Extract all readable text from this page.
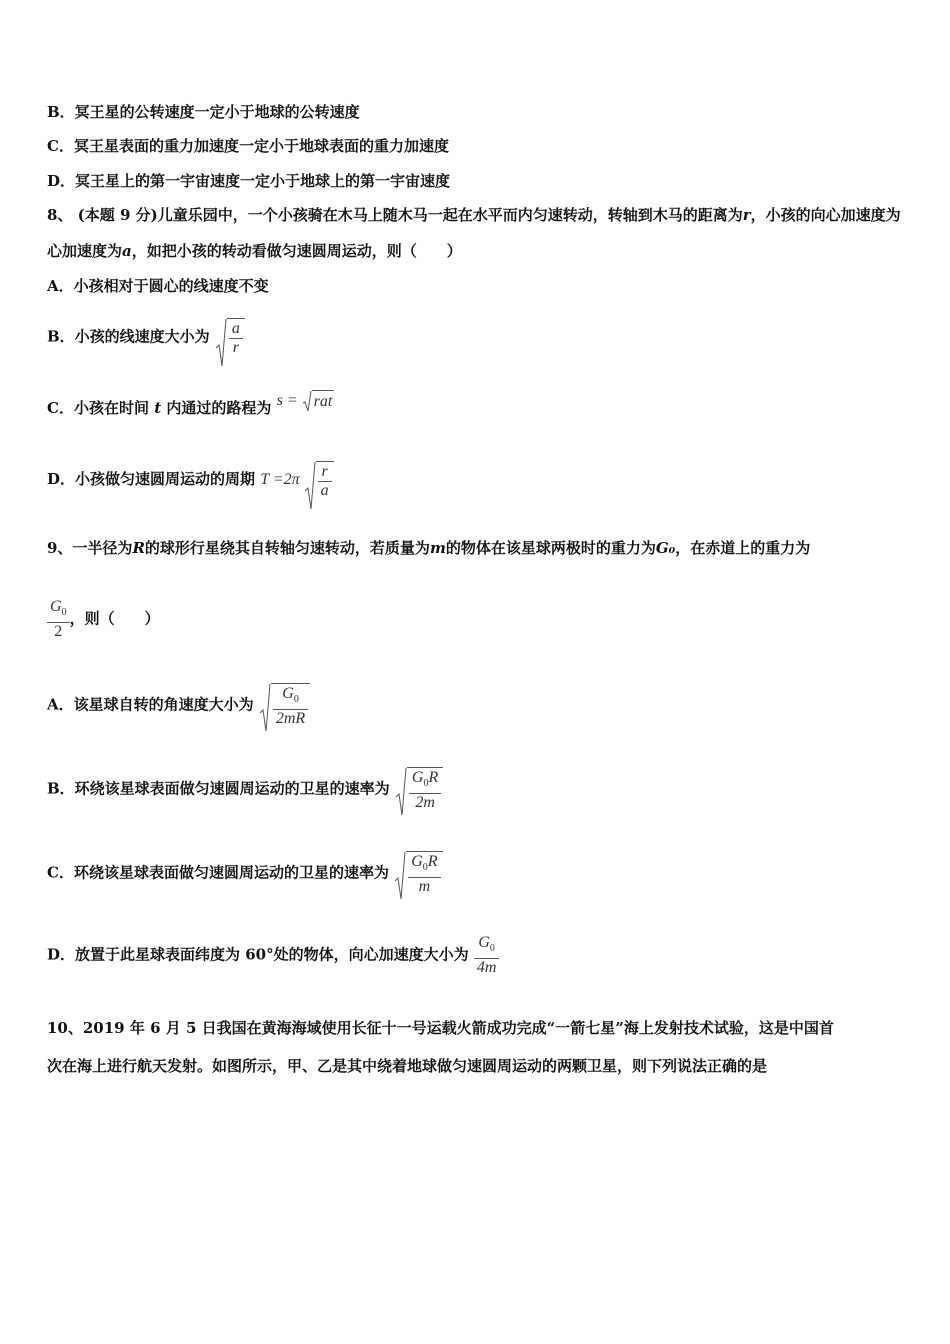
B．冥王星的公转速度一定小于地球的公转速度
C．冥王星表面的重力加速度一定小于地球表面的重力加速度
D．冥王星上的第一宇宙速度一定小于地球上的第一宇宙速度
8、 (本题 9 分)儿童乐园中，一个小孩骑在木马上随木马一起在水平而内匀速转动，转轴到木马的距离为r，小孩的向心加速度为
心加速度为a，如把小孩的转动看做匀速圆周运动，则（　　）
A．小孩相对于圆心的线速度不变
B．小孩的线速度大小为 $\frac{a}{r}$
C．小孩在时间 t 内通过的路程为 s = rat
D．小孩做匀速圆周运动的周期 $T =2\pi \frac{r}{a}$
9、一半径为R的球形行星绕其自转轴匀速转动，若质量为m的物体在该星球两极时的重力为G₀，在赤道上的重力为
$\frac{G_0}{2}$ ，则（　　）
A．该星球自转的角速度大小为 $\frac{G_0}{2mR}$
B．环绕该星球表面做匀速圆周运动的卫星的速率为 $\frac{G_0R}{2m}$
C．环绕该星球表面做匀速圆周运动的卫星的速率为 $\frac{G_0R}{m}$
D．放置于此星球表面纬度为 60°处的物体，向心加速度大小为 $\frac{G_0}{4m}$
10、2019 年 6 月 5 日我国在黄海海域使用长征十一号运载火箭成功完成“一箭七星”海上发射技术试验，这是中国首
次在海上进行航天发射。如图所示，甲、乙是其中绕着地球做匀速圆周运动的两颗卫星，则下列说法正确的是
